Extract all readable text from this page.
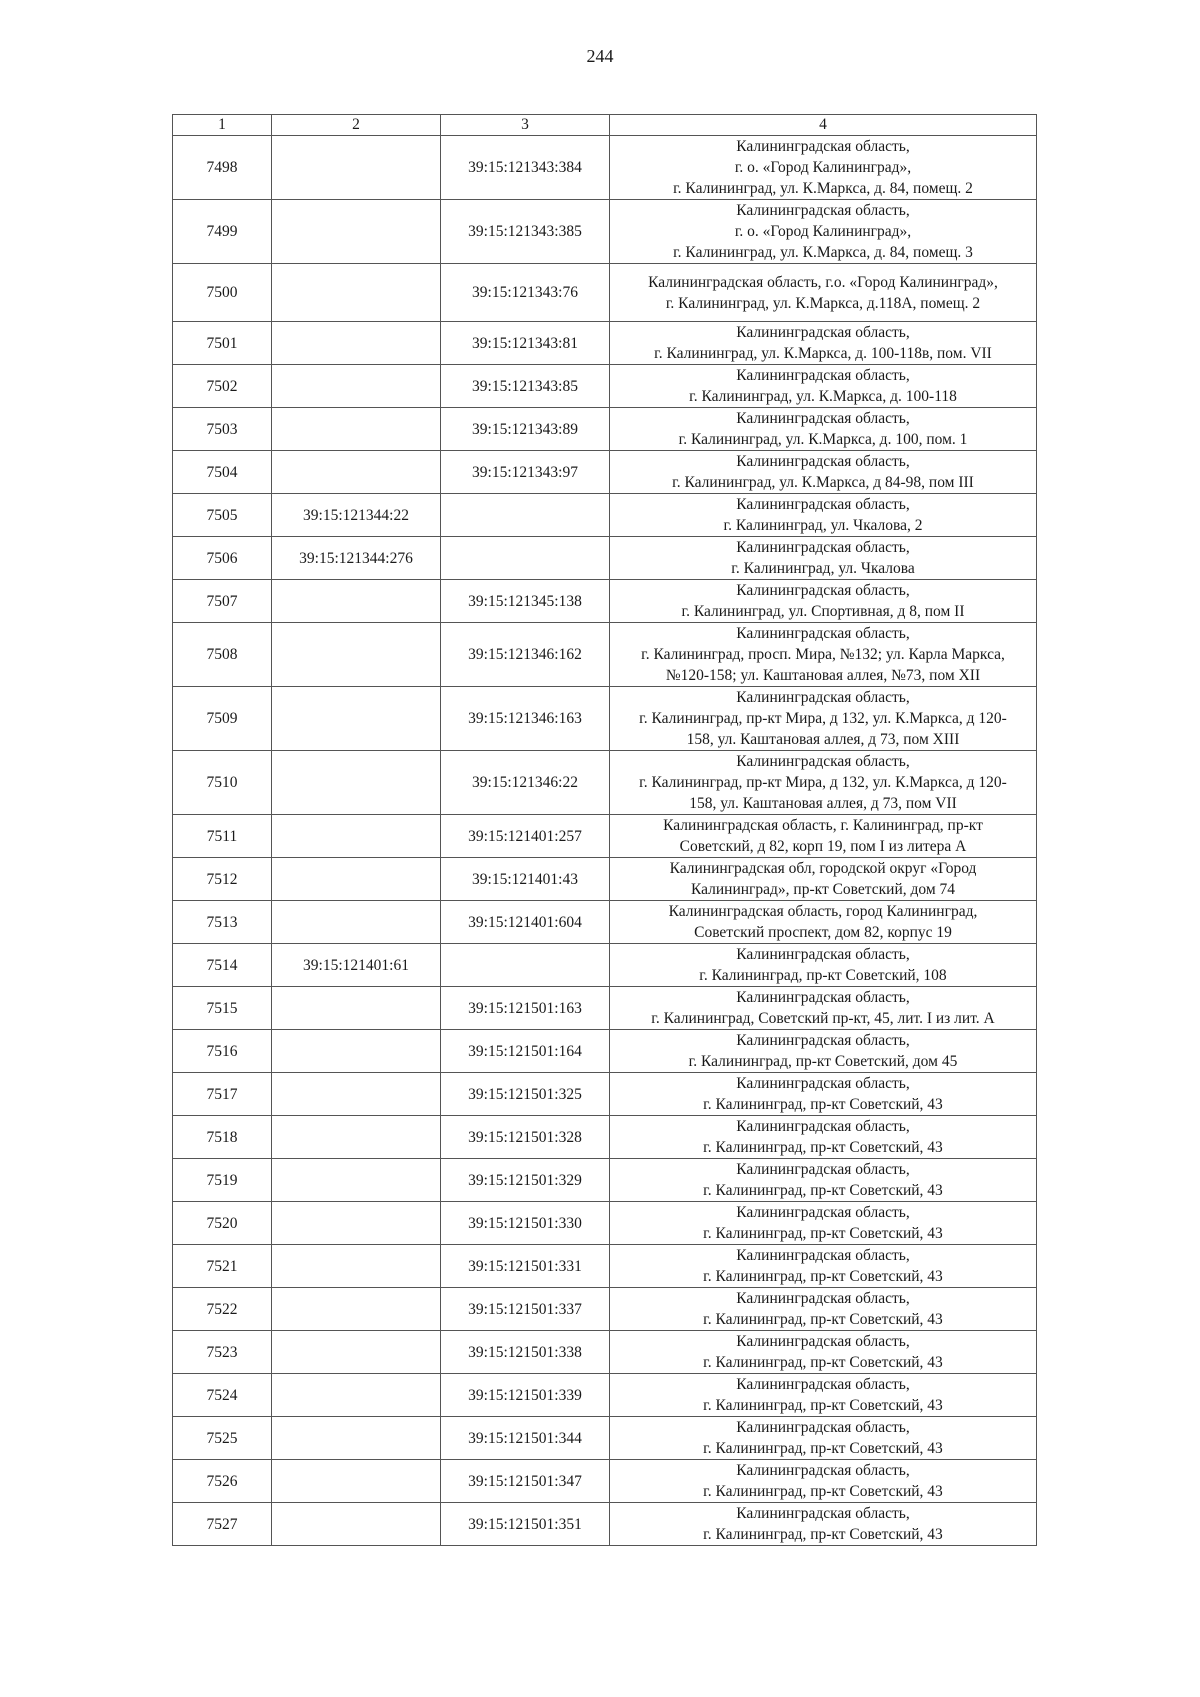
244
1	2	3	4
7498		39:15:121343:384	Калининградская область,
г. о. «Город Калининград»,
г. Калининград, ул. К.Маркса, д. 84, помещ. 2
7499		39:15:121343:385	Калининградская область,
г. о. «Город Калининград»,
г. Калининград, ул. К.Маркса, д. 84, помещ. 3
7500		39:15:121343:76	Калининградская область, г.о. «Город Калининград»,
г. Калининград, ул. К.Маркса, д.118А, помещ. 2
7501		39:15:121343:81	Калининградская область,
г. Калининград, ул. К.Маркса, д. 100-118в, пом. VII
7502		39:15:121343:85	Калининградская область,
г. Калининград, ул. К.Маркса, д. 100-118
7503		39:15:121343:89	Калининградская область,
г. Калининград, ул. К.Маркса, д. 100, пом. 1
7504		39:15:121343:97	Калининградская область,
г. Калининград, ул. К.Маркса, д 84-98, пом III
7505	39:15:121344:22		Калининградская область,
г. Калининград, ул. Чкалова, 2
7506	39:15:121344:276		Калининградская область,
г. Калининград, ул. Чкалова
7507		39:15:121345:138	Калининградская область,
г. Калининград, ул. Спортивная, д 8, пом II
7508		39:15:121346:162	Калининградская область,
г. Калининград, просп. Мира, №132; ул. Карла Маркса,
№120-158; ул. Каштановая аллея, №73, пом XII
7509		39:15:121346:163	Калининградская область,
г. Калининград, пр-кт Мира, д 132, ул. К.Маркса, д 120-
158, ул. Каштановая аллея, д 73, пом XIII
7510		39:15:121346:22	Калининградская область,
г. Калининград, пр-кт Мира, д 132, ул. К.Маркса, д 120-
158, ул. Каштановая аллея, д 73, пом VII
7511		39:15:121401:257	Калининградская область, г. Калининград, пр-кт
Советский, д 82, корп 19, пом I из литера А
7512		39:15:121401:43	Калининградская обл, городской округ «Город
Калининград», пр-кт Советский, дом 74
7513		39:15:121401:604	Калининградская область, город Калининград,
Советский проспект, дом 82, корпус 19
7514	39:15:121401:61		Калининградская область,
г. Калининград, пр-кт Советский, 108
7515		39:15:121501:163	Калининградская область,
г. Калининград, Советский пр-кт, 45, лит. I из лит. А
7516		39:15:121501:164	Калининградская область,
г. Калининград, пр-кт Советский, дом 45
7517		39:15:121501:325	Калининградская область,
г. Калининград, пр-кт Советский, 43
7518		39:15:121501:328	Калининградская область,
г. Калининград, пр-кт Советский, 43
7519		39:15:121501:329	Калининградская область,
г. Калининград, пр-кт Советский, 43
7520		39:15:121501:330	Калининградская область,
г. Калининград, пр-кт Советский, 43
7521		39:15:121501:331	Калининградская область,
г. Калининград, пр-кт Советский, 43
7522		39:15:121501:337	Калининградская область,
г. Калининград, пр-кт Советский, 43
7523		39:15:121501:338	Калининградская область,
г. Калининград, пр-кт Советский, 43
7524		39:15:121501:339	Калининградская область,
г. Калининград, пр-кт Советский, 43
7525		39:15:121501:344	Калининградская область,
г. Калининград, пр-кт Советский, 43
7526		39:15:121501:347	Калининградская область,
г. Калининград, пр-кт Советский, 43
7527		39:15:121501:351	Калининградская область,
г. Калининград, пр-кт Советский, 43
